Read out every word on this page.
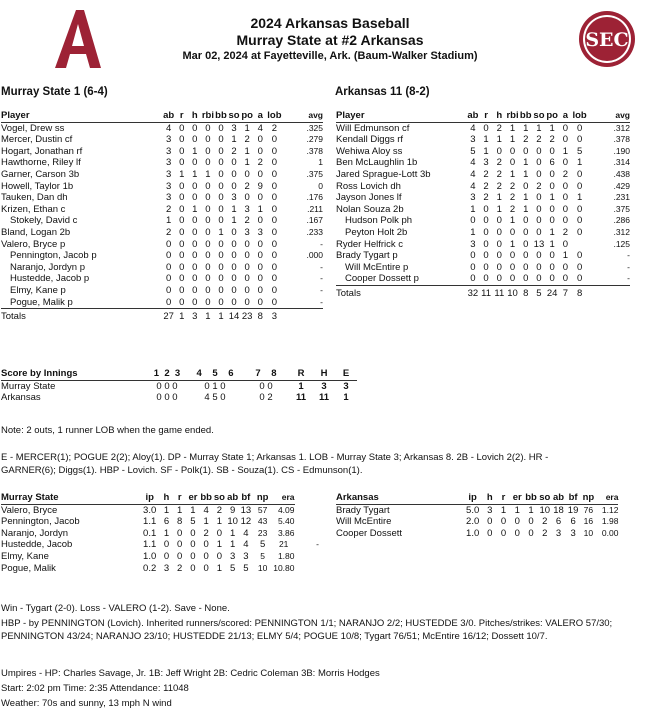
A
SEC
2024 Arkansas Baseball
Murray State at #2 Arkansas
Mar 02, 2024 at Fayetteville, Ark. (Baum-Walker Stadium)
Murray State 1 (6-4)	Arkansas 11 (8-2)
Player	ab	r	h	rbi	bb	so	po	a	lob	avg
Vogel, Drew ss	4	0	0	0	0	3	1	4	2	.325
Mercer, Dustin cf	3	0	0	0	0	1	2	0	0	.279
Hogart, Jonathan rf	3	0	1	0	0	2	1	0	0	.378
Hawthorne, Riley lf	3	0	0	0	0	0	1	2	0	1
Garner, Carson 3b	3	1	1	1	0	0	0	0	0	.375
Howell, Taylor 1b	3	0	0	0	0	0	2	9	0	0
Tauken, Dan dh	3	0	0	0	0	3	0	0	0	.176
Krizen, Ethan c	2	0	1	0	0	1	3	1	0	.211
Stokely, David c	1	0	0	0	0	1	2	0	0	.167
Bland, Logan 2b	2	0	0	0	1	0	3	3	0	.233
Valero, Bryce p	0	0	0	0	0	0	0	0	0	-
Pennington, Jacob p	0	0	0	0	0	0	0	0	0	.000
Naranjo, Jordyn p	0	0	0	0	0	0	0	0	0	-
Hustedde, Jacob p	0	0	0	0	0	0	0	0	0	-
Elmy, Kane p	0	0	0	0	0	0	0	0	0	-
Pogue, Malik p	0	0	0	0	0	0	0	0	0	-
Totals	27	1	3	1	1	14	23	8	3	
Player	ab	r	h	rbi	bb	so	po	a	lob	avg
Will Edmunson cf	4	0	2	1	1	1	1	0	0	.312
Kendall Diggs rf	3	1	1	1	2	2	2	0	0	.378
Wehiwa Aloy ss	5	1	0	0	0	0	0	1	5	.190
Ben McLaughlin 1b	4	3	2	0	1	0	6	0	1	.314
Jared Sprague-Lott 3b	4	2	2	1	1	0	0	2	0	.438
Ross Lovich dh	4	2	2	2	0	2	0	0	0	.429
Jayson Jones lf	3	2	1	2	1	0	1	0	1	.231
Nolan Souza 2b	1	0	1	2	1	0	0	0	0	.375
Hudson Polk ph	0	0	0	1	0	0	0	0	0	.286
Peyton Holt 2b	1	0	0	0	0	0	1	2	0	.312
Ryder Helfrick c	3	0	0	1	0	13	1	0		.125
Brady Tygart p	0	0	0	0	0	0	0	1	0	-
Will McEntire p	0	0	0	0	0	0	0	0	0	-
Cooper Dossett p	0	0	0	0	0	0	0	0	0	-
Totals	32	11	11	10	8	5	24	7	8	
Score by Innings	1 2 3	4 5 6	7 8	R	H	E
Murray State	0 0 0	0 1 0	0 0	1	3	3
Arkansas	0 0 0	4 5 0	0 2	11	11	1
Note: 2 outs, 1 runner LOB when the game ended.
E - MERCER(1); POGUE 2(2); Aloy(1). DP - Murray State 1; Arkansas 1. LOB - Murray State 3; Arkansas 8. 2B - Lovich 2(2). HR - GARNER(6); Diggs(1). HBP - Lovich. SF - Polk(1). SB - Souza(1). CS - Edmunson(1).
Murray State	ip	h	r	er	bb	so	ab	bf	np	era	
Valero, Bryce	3.0	1	1	1	4	2	9	13	57	4.09	
Pennington, Jacob	1.1	6	8	5	1	1	10	12	43	5.40	
Naranjo, Jordyn	0.1	1	0	0	2	0	1	4	23	3.86	
Hustedde, Jacob	1.1	0	0	0	0	1	1	4	5	21	-
Elmy, Kane	1.0	0	0	0	0	0	3	3	5	1.80	
Pogue, Malik	0.2	3	2	0	0	1	5	5	10	10.80	
Arkansas	ip	h	r	er	bb	so	ab	bf	np	era
Brady Tygart	5.0	3	1	1	1	10	18	19	76	1.12
Will McEntire	2.0	0	0	0	0	2	6	6	16	1.98
Cooper Dossett	1.0	0	0	0	0	2	3	3	10	0.00
Win - Tygart (2-0). Loss - VALERO (1-2). Save - None.
HBP - by PENNINGTON (Lovich). Inherited runners/scored: PENNINGTON 1/1; NARANJO 2/2; HUSTEDDE 3/0. Pitches/strikes: VALERO 57/30; PENNINGTON 43/24; NARANJO 23/10; HUSTEDDE 21/13; ELMY 5/4; POGUE 10/8; Tygart 76/51; McEntire 16/12; Dossett 10/7.
Umpires - HP: Charles Savage, Jr. 1B: Jeff Wright 2B: Cedric Coleman 3B: Morris Hodges
Start: 2:02 pm Time: 2:35 Attendance: 11048
Weather: 70s and sunny, 13 mph N wind
